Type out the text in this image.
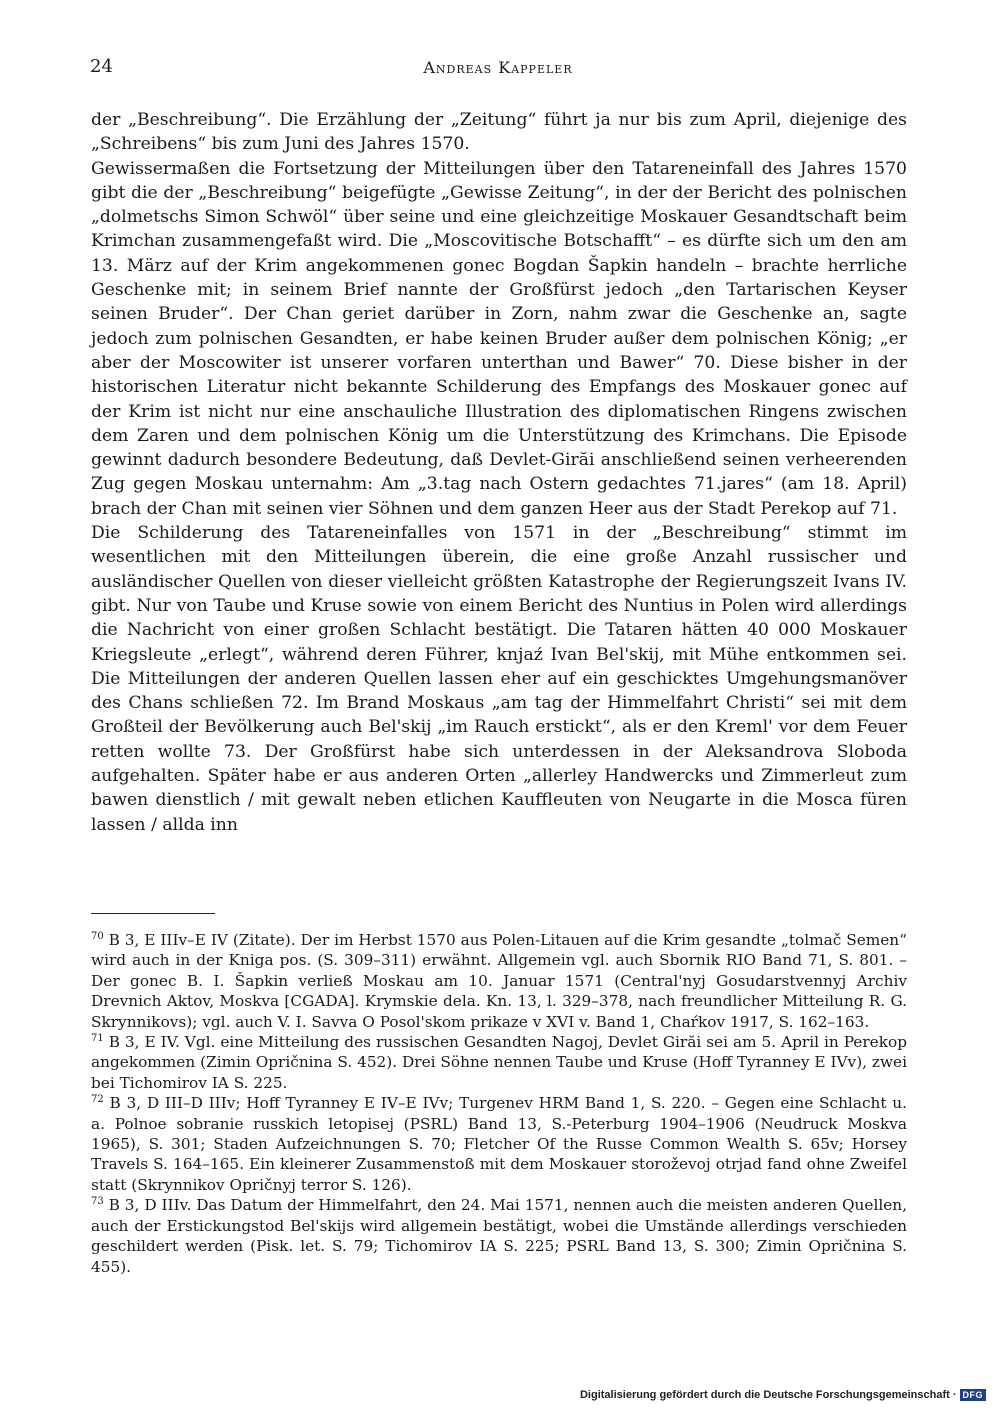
24	Andreas Kappeler

der „Beschreibung“. Die Erzählung der „Zeitung“ führt ja nur bis zum April, diejenige des „Schreibens“ bis zum Juni des Jahres 1570.

Gewissermaßen die Fortsetzung der Mitteilungen über den Tatareneinfall des Jahres 1570 gibt die der „Beschreibung“ beigefügte „Gewisse Zeitung“, in der der Bericht des polnischen „dolmetschs Simon Schwöl“ über seine und eine gleichzeitige Moskauer Gesandtschaft beim Krimchan zusammengefaßt wird. Die „Moscovitische Botschafft“ – es dürfte sich um den am 13. März auf der Krim angekommenen gonec Bogdan Šapkin handeln – brachte herrliche Geschenke mit; in seinem Brief nannte der Großfürst jedoch „den Tartarischen Keyser seinen Bruder“. Der Chan geriet darüber in Zorn, nahm zwar die Geschenke an, sagte jedoch zum polnischen Gesandten, er habe keinen Bruder außer dem polnischen König; „er aber der Moscowiter ist unserer vorfaren unterthan und Bawer“ 70. Diese bisher in der historischen Literatur nicht bekannte Schilderung des Empfangs des Moskauer gonec auf der Krim ist nicht nur eine anschauliche Illustration des diplomatischen Ringens zwischen dem Zaren und dem polnischen König um die Unterstützung des Krimchans. Die Episode gewinnt dadurch besondere Bedeutung, daß Devlet-Girăi anschließend seinen verheerenden Zug gegen Moskau unternahm: Am „3.tag nach Ostern gedachtes 71.jares“ (am 18. April) brach der Chan mit seinen vier Söhnen und dem ganzen Heer aus der Stadt Perekop auf 71.

Die Schilderung des Tatareneinfalles von 1571 in der „Beschreibung“ stimmt im wesentlichen mit den Mitteilungen überein, die eine große Anzahl russischer und ausländischer Quellen von dieser vielleicht größten Katastrophe der Regierungszeit Ivans IV. gibt. Nur von Taube und Kruse sowie von einem Bericht des Nuntius in Polen wird allerdings die Nachricht von einer großen Schlacht bestätigt. Die Tataren hätten 40 000 Moskauer Kriegsleute „erlegt“, während deren Führer, knjaź Ivan Bel'skij, mit Mühe entkommen sei. Die Mitteilungen der anderen Quellen lassen eher auf ein geschicktes Umgehungsmanöver des Chans schließen 72. Im Brand Moskaus „am tag der Himmelfahrt Christi“ sei mit dem Großteil der Bevölkerung auch Bel'skij „im Rauch erstickt“, als er den Kreml' vor dem Feuer retten wollte 73. Der Großfürst habe sich unterdessen in der Aleksandrova Sloboda aufgehalten. Später habe er aus anderen Orten „allerley Handwercks und Zimmerleut zum bawen dienstlich / mit gewalt neben etlichen Kauffleuten von Neugarte in die Mosca füren lassen / allda inn

$^{70}$ B 3, E IIIv–E IV (Zitate). Der im Herbst 1570 aus Polen-Litauen auf die Krim gesandte „tolmač Semen“ wird auch in der Kniga pos. (S. 309–311) erwähnt. Allgemein vgl. auch Sbornik RIO Band 71, S. 801. – Der gonec B. I. Šapkin verließ Moskau am 10. Januar 1571 (Central'nyj Gosudarstvennyj Archiv Drevnich Aktov, Moskva [CGADA]. Krymskie dela. Kn. 13, l. 329–378, nach freundlicher Mitteilung R. G. Skrynnikovs); vgl. auch V. I. Savva O Posol'skom prikaze v XVI v. Band 1, Chaŕkov 1917, S. 162–163.

$^{71}$ B 3, E IV. Vgl. eine Mitteilung des russischen Gesandten Nagoj, Devlet Girăi sei am 5. April in Perekop angekommen (Zimin Opričnina S. 452). Drei Söhne nennen Taube und Kruse (Hoff Tyranney E IVv), zwei bei Tichomirov IA S. 225.

$^{72}$ B 3, D III–D IIIv; Hoff Tyranney E IV–E IVv; Turgenev HRM Band 1, S. 220. – Gegen eine Schlacht u. a. Polnoe sobranie russkich letopisej (PSRL) Band 13, S.-Peterburg 1904–1906 (Neudruck Moskva 1965), S. 301; Staden Aufzeichnungen S. 70; Fletcher Of the Russe Common Wealth S. 65v; Horsey Travels S. 164–165. Ein kleinerer Zusammenstoß mit dem Moskauer storoževoj otrjad fand ohne Zweifel statt (Skrynnikov Opričnyj terror S. 126).

$^{73}$ B 3, D IIIv. Das Datum der Himmelfahrt, den 24. Mai 1571, nennen auch die meisten anderen Quellen, auch der Erstickungstod Bel'skijs wird allgemein bestätigt, wobei die Umstände allerdings verschieden geschildert werden (Pisk. let. S. 79; Tichomirov IA S. 225; PSRL Band 13, S. 300; Zimin Opričnina S. 455).

Digitalisierung gefördert durch die Deutsche Forschungsgemeinschaft · DFG
